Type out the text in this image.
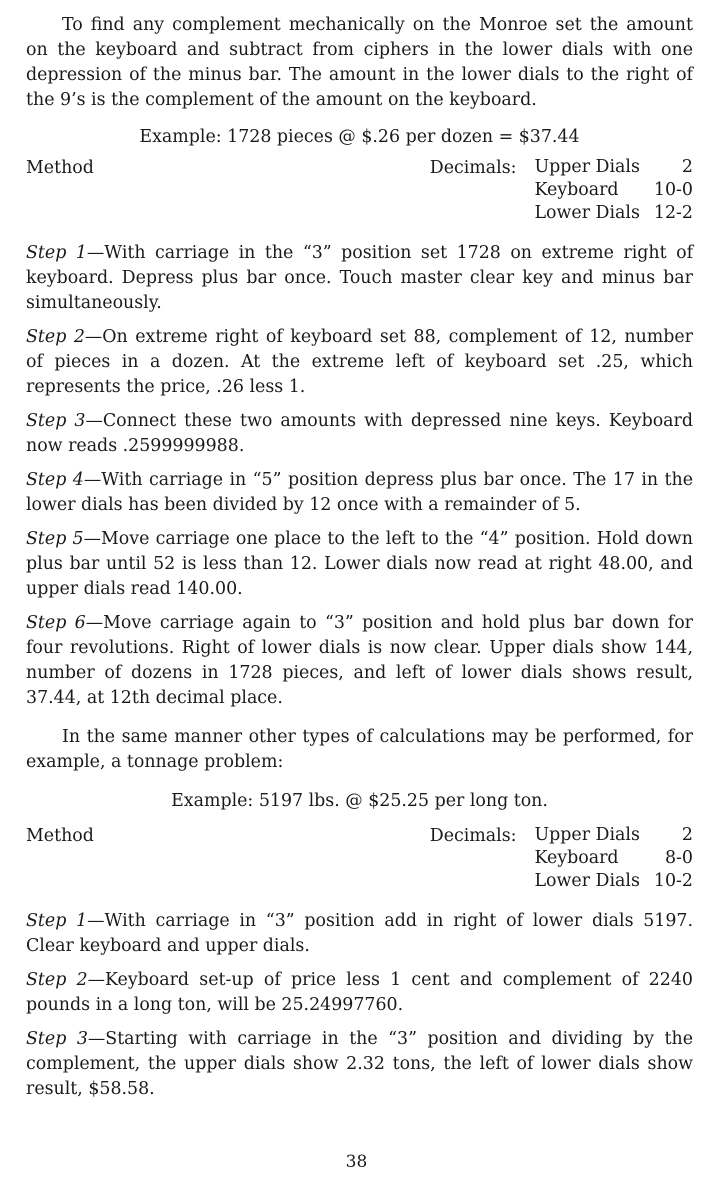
To find any complement mechanically on the Monroe set the amount on the keyboard and subtract from ciphers in the lower dials with one depression of the minus bar. The amount in the lower dials to the right of the 9’s is the complement of the amount on the keyboard.

Example: 1728 pieces @ $.26 per dozen = $37.44

Method	Decimals: Upper Dials	2
Keyboard	10-0
Lower Dials	12-2

Step 1—With carriage in the “3” position set 1728 on extreme right of keyboard. Depress plus bar once. Touch master clear key and minus bar simultaneously.

Step 2—On extreme right of keyboard set 88, complement of 12, number of pieces in a dozen. At the extreme left of keyboard set .25, which represents the price, .26 less 1.

Step 3—Connect these two amounts with depressed nine keys. Keyboard now reads .2599999988.

Step 4—With carriage in “5” position depress plus bar once. The 17 in the lower dials has been divided by 12 once with a remainder of 5.

Step 5—Move carriage one place to the left to the “4” position. Hold down plus bar until 52 is less than 12. Lower dials now read at right 48.00, and upper dials read 140.00.

Step 6—Move carriage again to “3” position and hold plus bar down for four revolutions. Right of lower dials is now clear. Upper dials show 144, number of dozens in 1728 pieces, and left of lower dials shows result, 37.44, at 12th decimal place.

In the same manner other types of calculations may be performed, for example, a tonnage problem:

Example: 5197 lbs. @ $25.25 per long ton.

Method	Decimals: Upper Dials	2
Keyboard	8-0
Lower Dials	10-2

Step 1—With carriage in “3” position add in right of lower dials 5197. Clear keyboard and upper dials.

Step 2—Keyboard set-up of price less 1 cent and complement of 2240 pounds in a long ton, will be 25.24997760.

Step 3—Starting with carriage in the “3” position and dividing by the complement, the upper dials show 2.32 tons, the left of lower dials show result, $58.58.

38
